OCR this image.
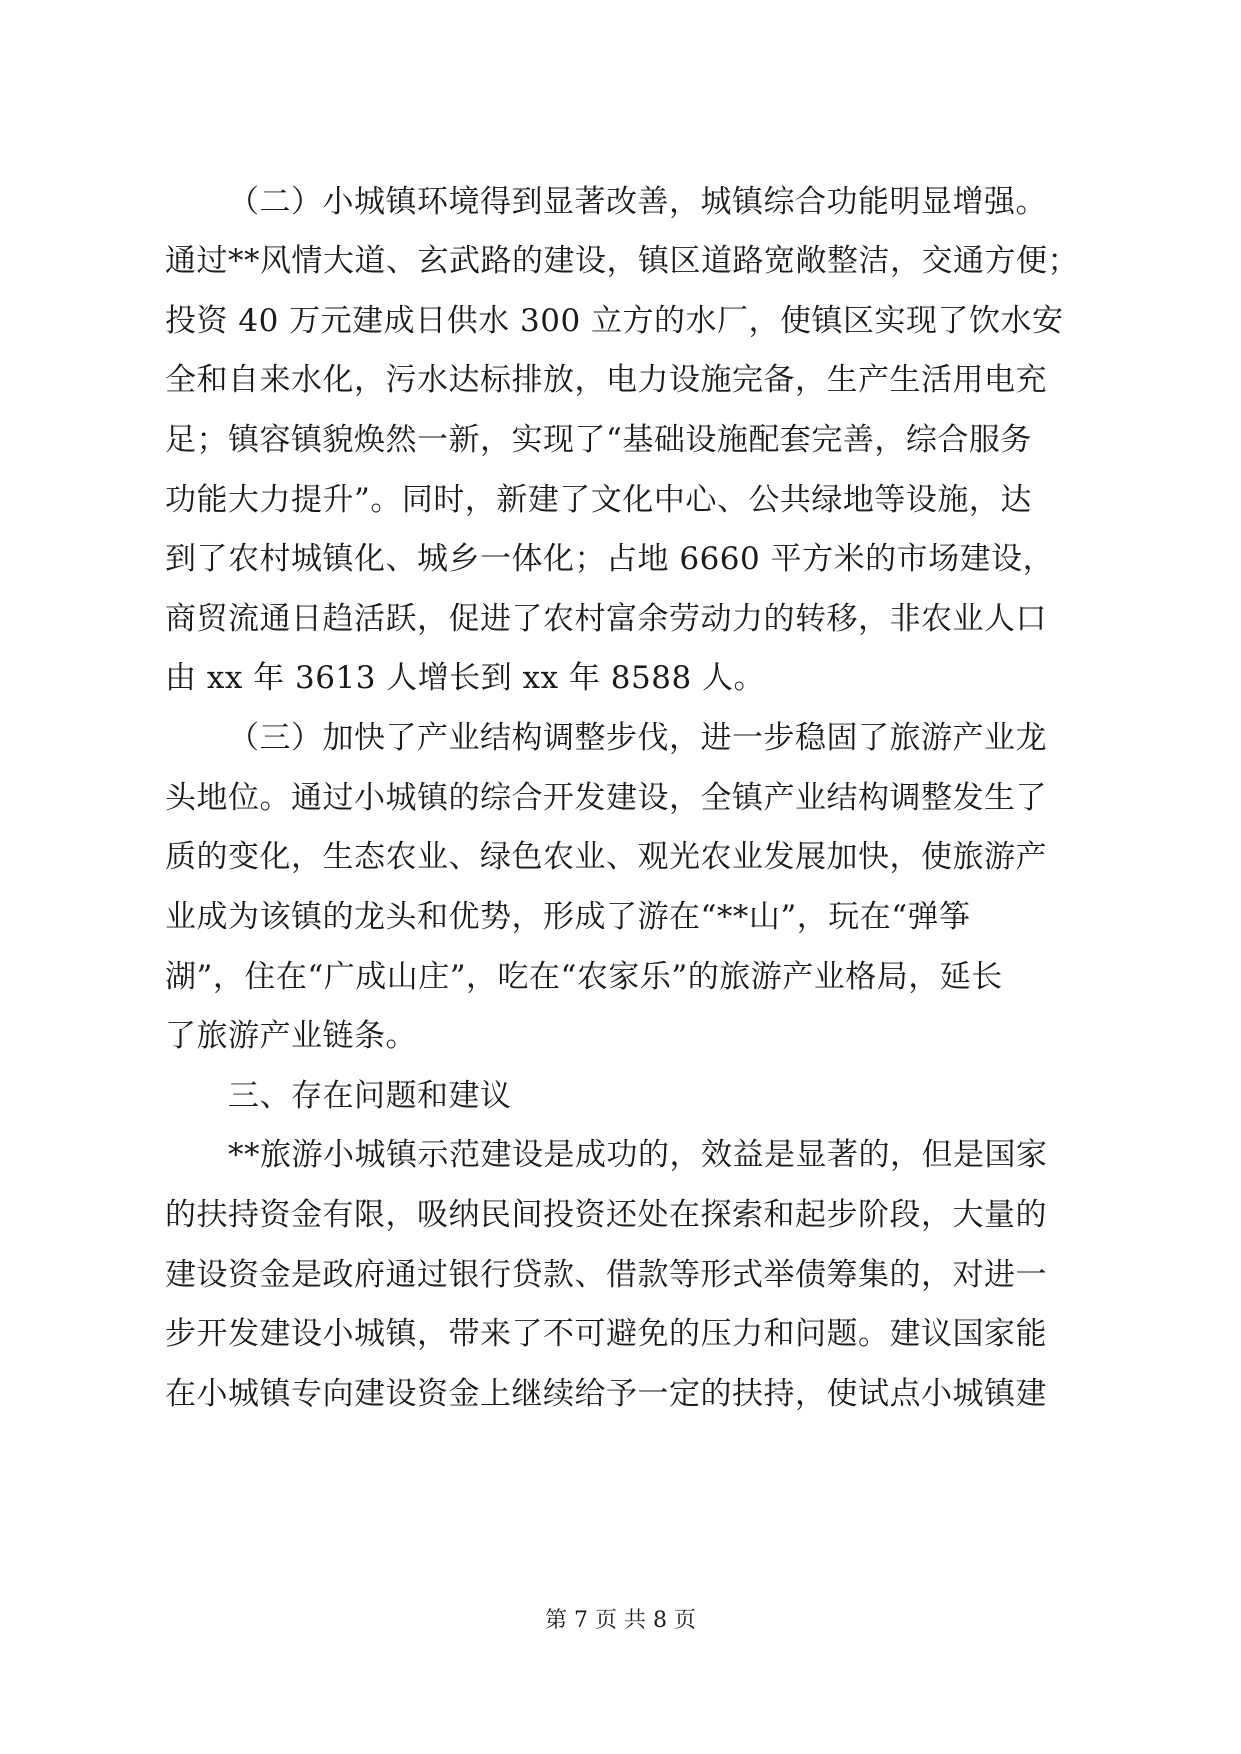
（二）小城镇环境得到显著改善，城镇综合功能明显增强。
通过**风情大道、玄武路的建设，镇区道路宽敞整洁，交通方便；
投资 40 万元建成日供水 300 立方的水厂，使镇区实现了饮水安
全和自来水化，污水达标排放，电力设施完备，生产生活用电充
足；镇容镇貌焕然一新，实现了“基础设施配套完善，综合服务
功能大力提升”。同时，新建了文化中心、公共绿地等设施，达
到了农村城镇化、城乡一体化；占地 6660 平方米的市场建设，
商贸流通日趋活跃，促进了农村富余劳动力的转移，非农业人口
由 xx 年 3613 人增长到 xx 年 8588 人。
（三）加快了产业结构调整步伐，进一步稳固了旅游产业龙
头地位。通过小城镇的综合开发建设，全镇产业结构调整发生了
质的变化，生态农业、绿色农业、观光农业发展加快，使旅游产
业成为该镇的龙头和优势，形成了游在“**山”，玩在“弹筝
湖”，住在“广成山庄”，吃在“农家乐”的旅游产业格局，延长
了旅游产业链条。
三、存在问题和建议
**旅游小城镇示范建设是成功的，效益是显著的，但是国家
的扶持资金有限，吸纳民间投资还处在探索和起步阶段，大量的
建设资金是政府通过银行贷款、借款等形式举债筹集的，对进一
步开发建设小城镇，带来了不可避免的压力和问题。建议国家能
在小城镇专向建设资金上继续给予一定的扶持，使试点小城镇建
第 7 页 共 8 页
